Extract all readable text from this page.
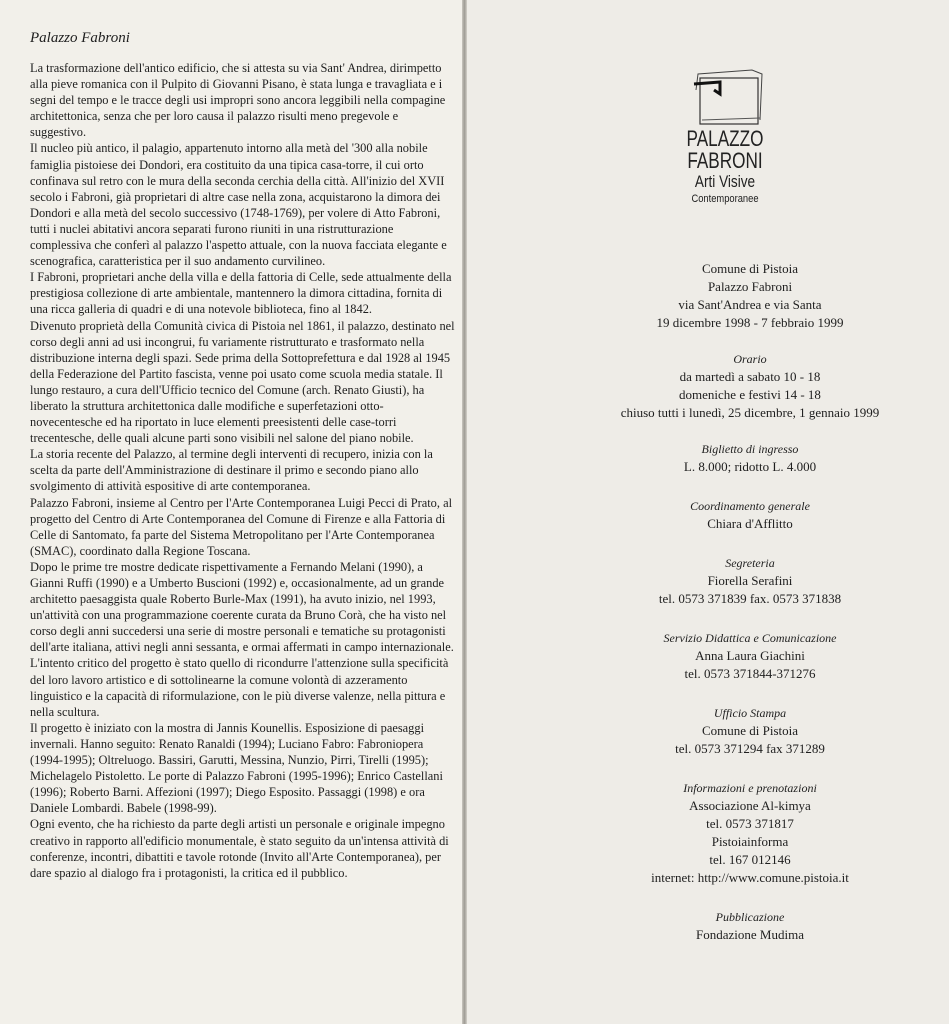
Palazzo Fabroni

La trasformazione dell'antico edificio, che si attesta su via Sant' Andrea, dirimpetto alla pieve romanica con il Pulpito di Giovanni Pisano, è stata lunga e travagliata e i segni del tempo e le tracce degli usi impropri sono ancora leggibili nella compagine architettonica, senza che per loro causa il palazzo risulti meno pregevole e suggestivo.

Il nucleo più antico, il palagio, appartenuto intorno alla metà del '300 alla nobile famiglia pistoiese dei Dondori, era costituito da una tipica casa-torre, il cui orto confinava sul retro con le mura della seconda cerchia della città. All'inizio del XVII secolo i Fabroni, già proprietari di altre case nella zona, acquistarono la dimora dei Dondori e alla metà del secolo successivo (1748-1769), per volere di Atto Fabroni, tutti i nuclei abitativi ancora separati furono riuniti in una ristrutturazione complessiva che conferì al palazzo l'aspetto attuale, con la nuova facciata elegante e scenografica, caratteristica per il suo andamento curvilineo.

I Fabroni, proprietari anche della villa e della fattoria di Celle, sede attualmente della prestigiosa collezione di arte ambientale, mantennero la dimora cittadina, fornita di una ricca galleria di quadri e di una notevole biblioteca, fino al 1842.

Divenuto proprietà della Comunità civica di Pistoia nel 1861, il palazzo, destinato nel corso degli anni ad usi incongrui, fu variamente ristrutturato e trasformato nella distribuzione interna degli spazi. Sede prima della Sottoprefettura e dal 1928 al 1945 della Federazione del Partito fascista, venne poi usato come scuola media statale. Il lungo restauro, a cura dell'Ufficio tecnico del Comune (arch. Renato Giusti), ha liberato la struttura architettonica dalle modifiche e superfetazioni otto-novecentesche ed ha riportato in luce elementi preesistenti delle case-torri trecentesche, delle quali alcune parti sono visibili nel salone del piano nobile.

La storia recente del Palazzo, al termine degli interventi di recupero, inizia con la scelta da parte dell'Amministrazione di destinare il primo e secondo piano allo svolgimento di attività espositive di arte contemporanea.

Palazzo Fabroni, insieme al Centro per l'Arte Contemporanea Luigi Pecci di Prato, al progetto del Centro di Arte Contemporanea del Comune di Firenze e alla Fattoria di Celle di Santomato, fa parte del Sistema Metropolitano per l'Arte Contemporanea (SMAC), coordinato dalla Regione Toscana.

Dopo le prime tre mostre dedicate rispettivamente a Fernando Melani (1990), a Gianni Ruffi (1990) e a Umberto Buscioni (1992) e, occasionalmente, ad un grande architetto paesaggista quale Roberto Burle-Max (1991), ha avuto inizio, nel 1993, un'attività con una programmazione coerente curata da Bruno Corà, che ha visto nel corso degli anni succedersi una serie di mostre personali e tematiche su protagonisti dell'arte italiana, attivi negli anni sessanta, e ormai affermati in campo internazionale. L'intento critico del progetto è stato quello di ricondurre l'attenzione sulla specificità del loro lavoro artistico e di sottolinearne la comune volontà di azzeramento linguistico e la capacità di riformulazione, con le più diverse valenze, nella pittura e nella scultura.

Il progetto è iniziato con la mostra di Jannis Kounellis. Esposizione di paesaggi invernali. Hanno seguito: Renato Ranaldi (1994); Luciano Fabro: Fabroniopera (1994-1995); Oltreluogo. Bassiri, Garutti, Messina, Nunzio, Pirri, Tirelli (1995); Michelagelo Pistoletto. Le porte di Palazzo Fabroni (1995-1996); Enrico Castellani (1996); Roberto Barni. Affezioni (1997); Diego Esposito. Passaggi (1998) e ora Daniele Lombardi. Babele (1998-99).

Ogni evento, che ha richiesto da parte degli artisti un personale e originale impegno creativo in rapporto all'edificio monumentale, è stato seguito da un'intensa attività di conferenze, incontri, dibattiti e tavole rotonde (Invito all'Arte Contemporanea), per dare spazio al dialogo fra i protagonisti, la critica ed il pubblico.

PALAZZO
FABRONI
Arti Visive
Contemporanee
Comune di Pistoia
Palazzo Fabroni
via Sant'Andrea e via Santa
19 dicembre 1998 - 7 febbraio 1999
Orario
da martedì a sabato 10 - 18
domeniche e festivi 14 - 18
chiuso tutti i lunedì, 25 dicembre, 1 gennaio 1999
Biglietto di ingresso
L. 8.000; ridotto L. 4.000
Coordinamento generale
Chiara d'Afflitto
Segreteria
Fiorella Serafini
tel. 0573 371839 fax. 0573 371838
Servizio Didattica e Comunicazione
Anna Laura Giachini
tel. 0573 371844-371276
Ufficio Stampa
Comune di Pistoia
tel. 0573 371294 fax 371289
Informazioni e prenotazioni
Associazione Al-kimya
tel. 0573 371817
Pistoiainforma
tel. 167 012146
internet: http://www.comune.pistoia.it
Pubblicazione
Fondazione Mudima
